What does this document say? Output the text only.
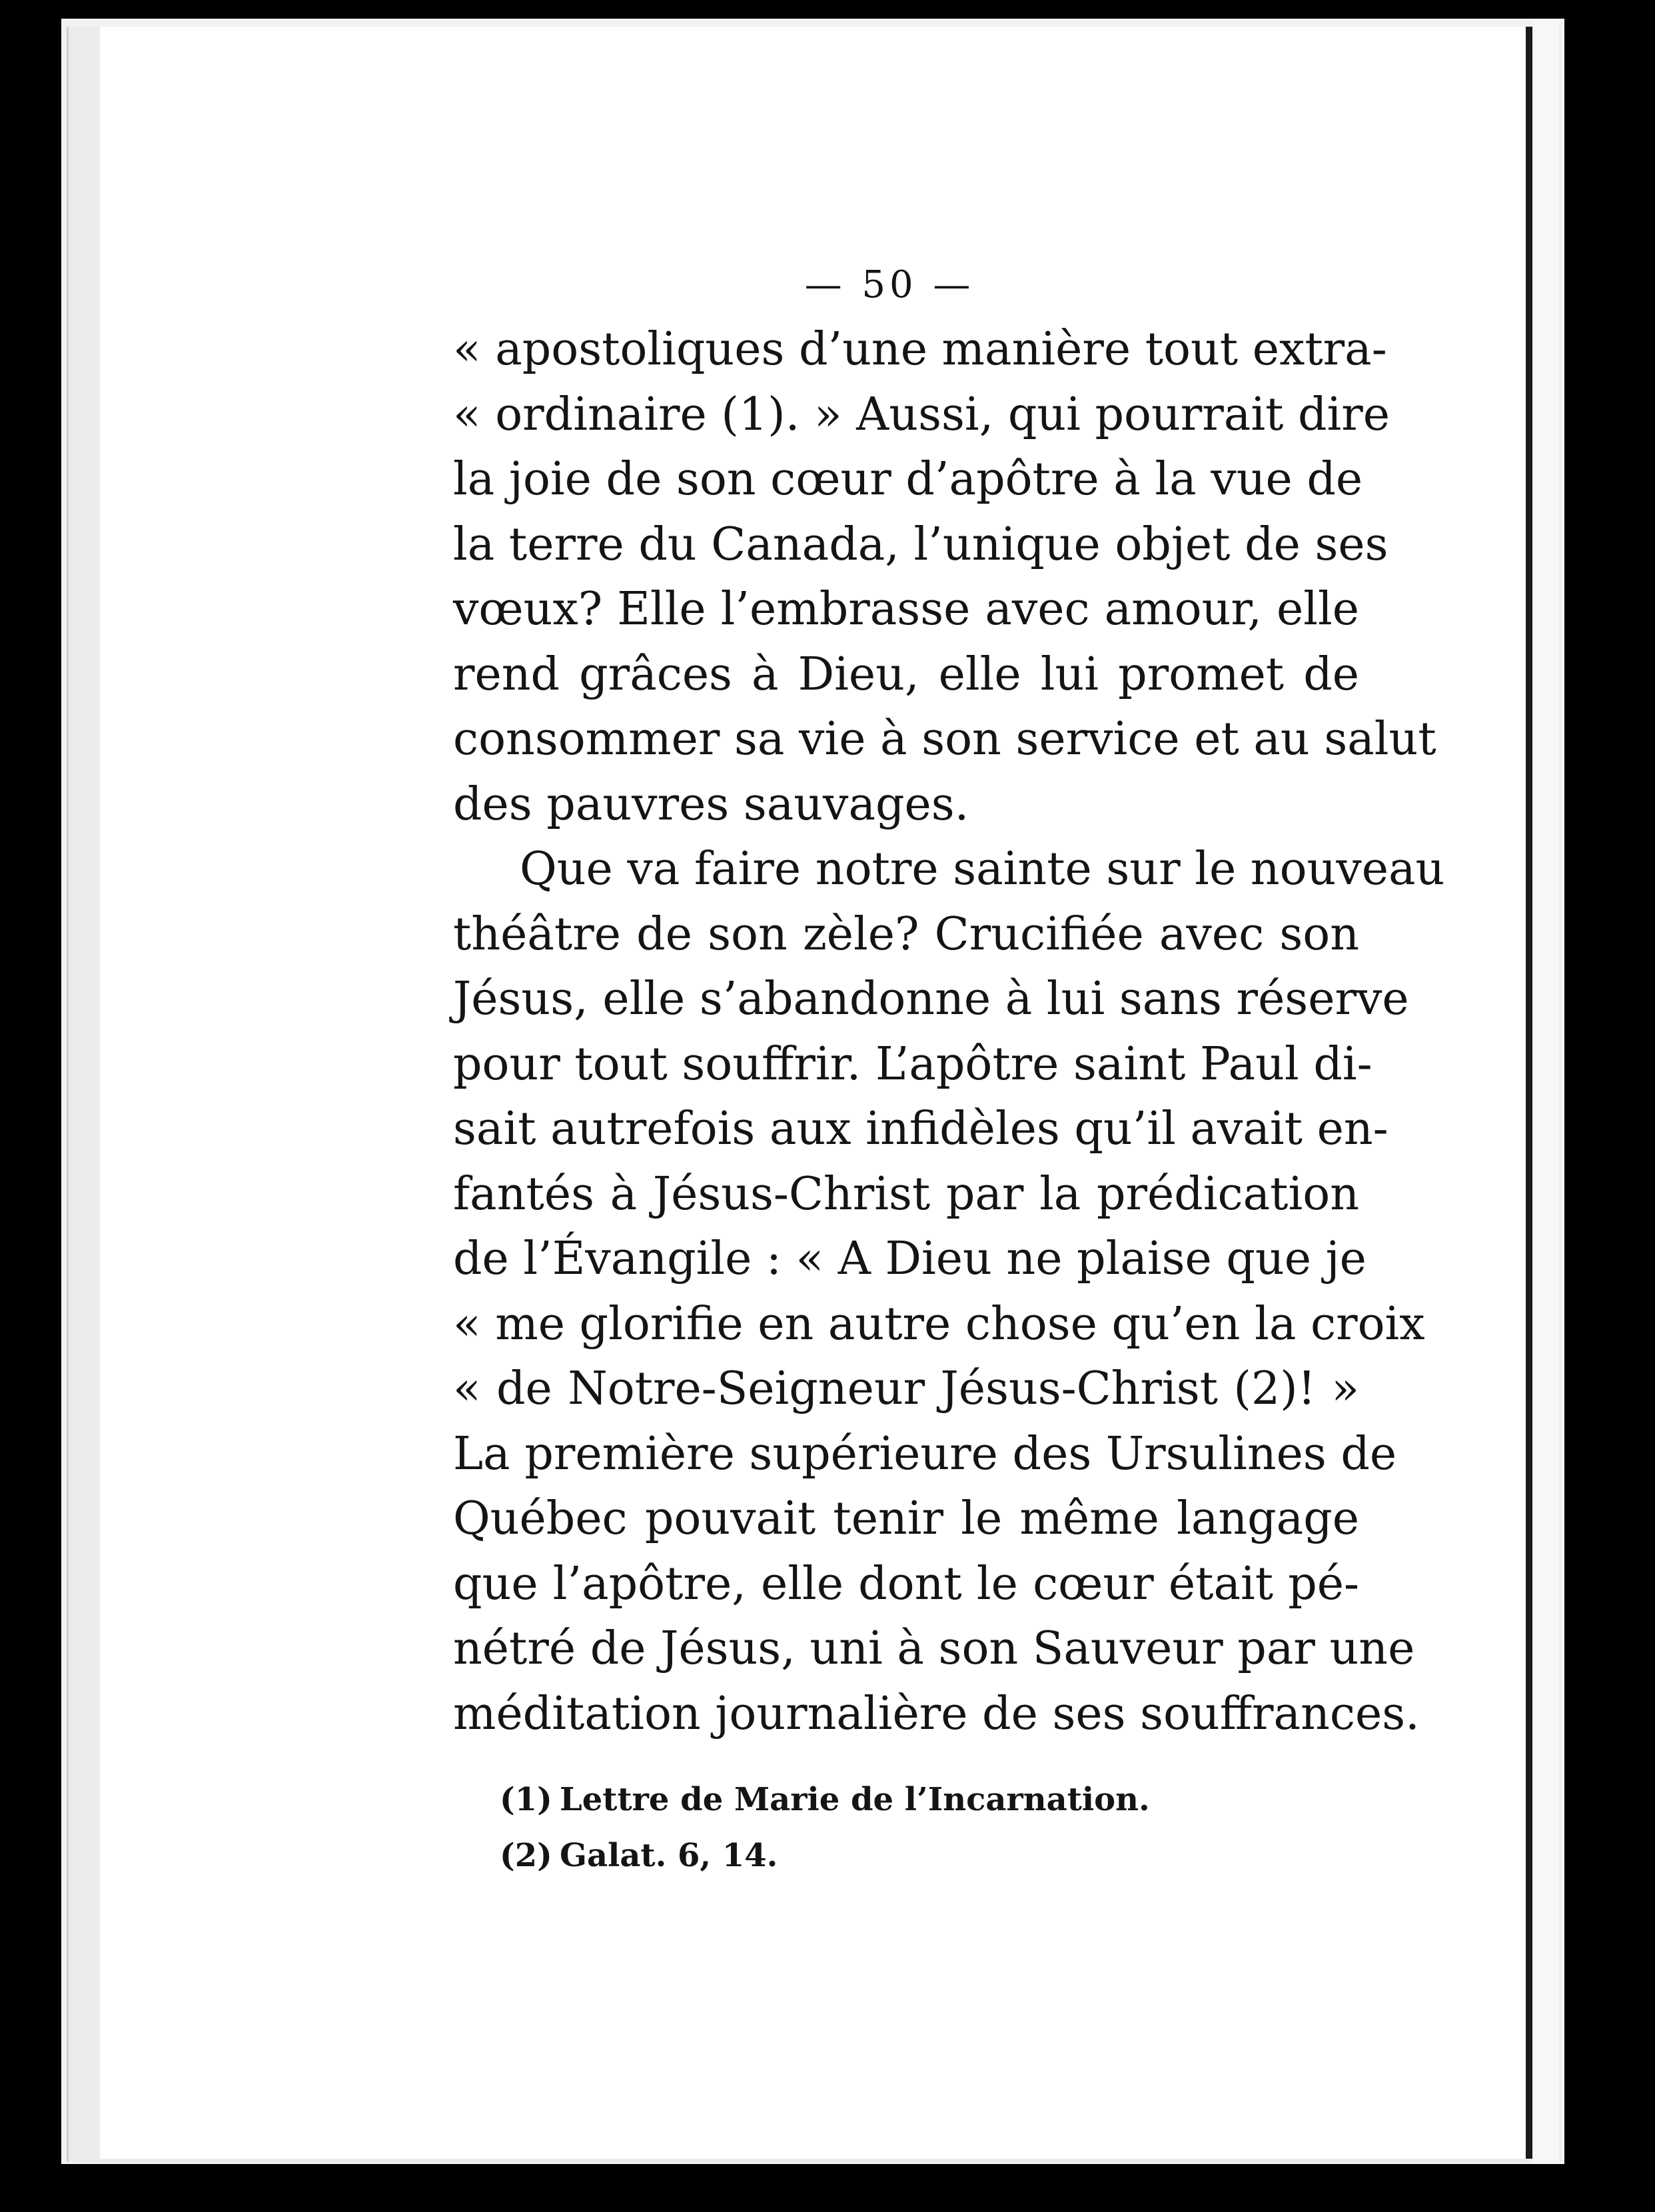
— 50 —
« apostoliques d’une manière tout extra-
« ordinaire (1). » Aussi, qui pourrait dire
la joie de son cœur d’apôtre à la vue de
la terre du Canada, l’unique objet de ses
vœux? Elle l’embrasse avec amour, elle
rend grâces à Dieu, elle lui promet de
consommer sa vie à son service et au salut
des pauvres sauvages.
Que va faire notre sainte sur le nouveau
théâtre de son zèle? Crucifiée avec son
Jésus, elle s’abandonne à lui sans réserve
pour tout souffrir. L’apôtre saint Paul di-
sait autrefois aux infidèles qu’il avait en-
fantés à Jésus-Christ par la prédication
de l’Évangile : « A Dieu ne plaise que je
« me glorifie en autre chose qu’en la croix
« de Notre-Seigneur Jésus-Christ (2)! »
La première supérieure des Ursulines de
Québec pouvait tenir le même langage
que l’apôtre, elle dont le cœur était pé-
nétré de Jésus, uni à son Sauveur par une
méditation journalière de ses souffrances.
(1) Lettre de Marie de l’Incarnation.
(2) Galat. 6, 14.
